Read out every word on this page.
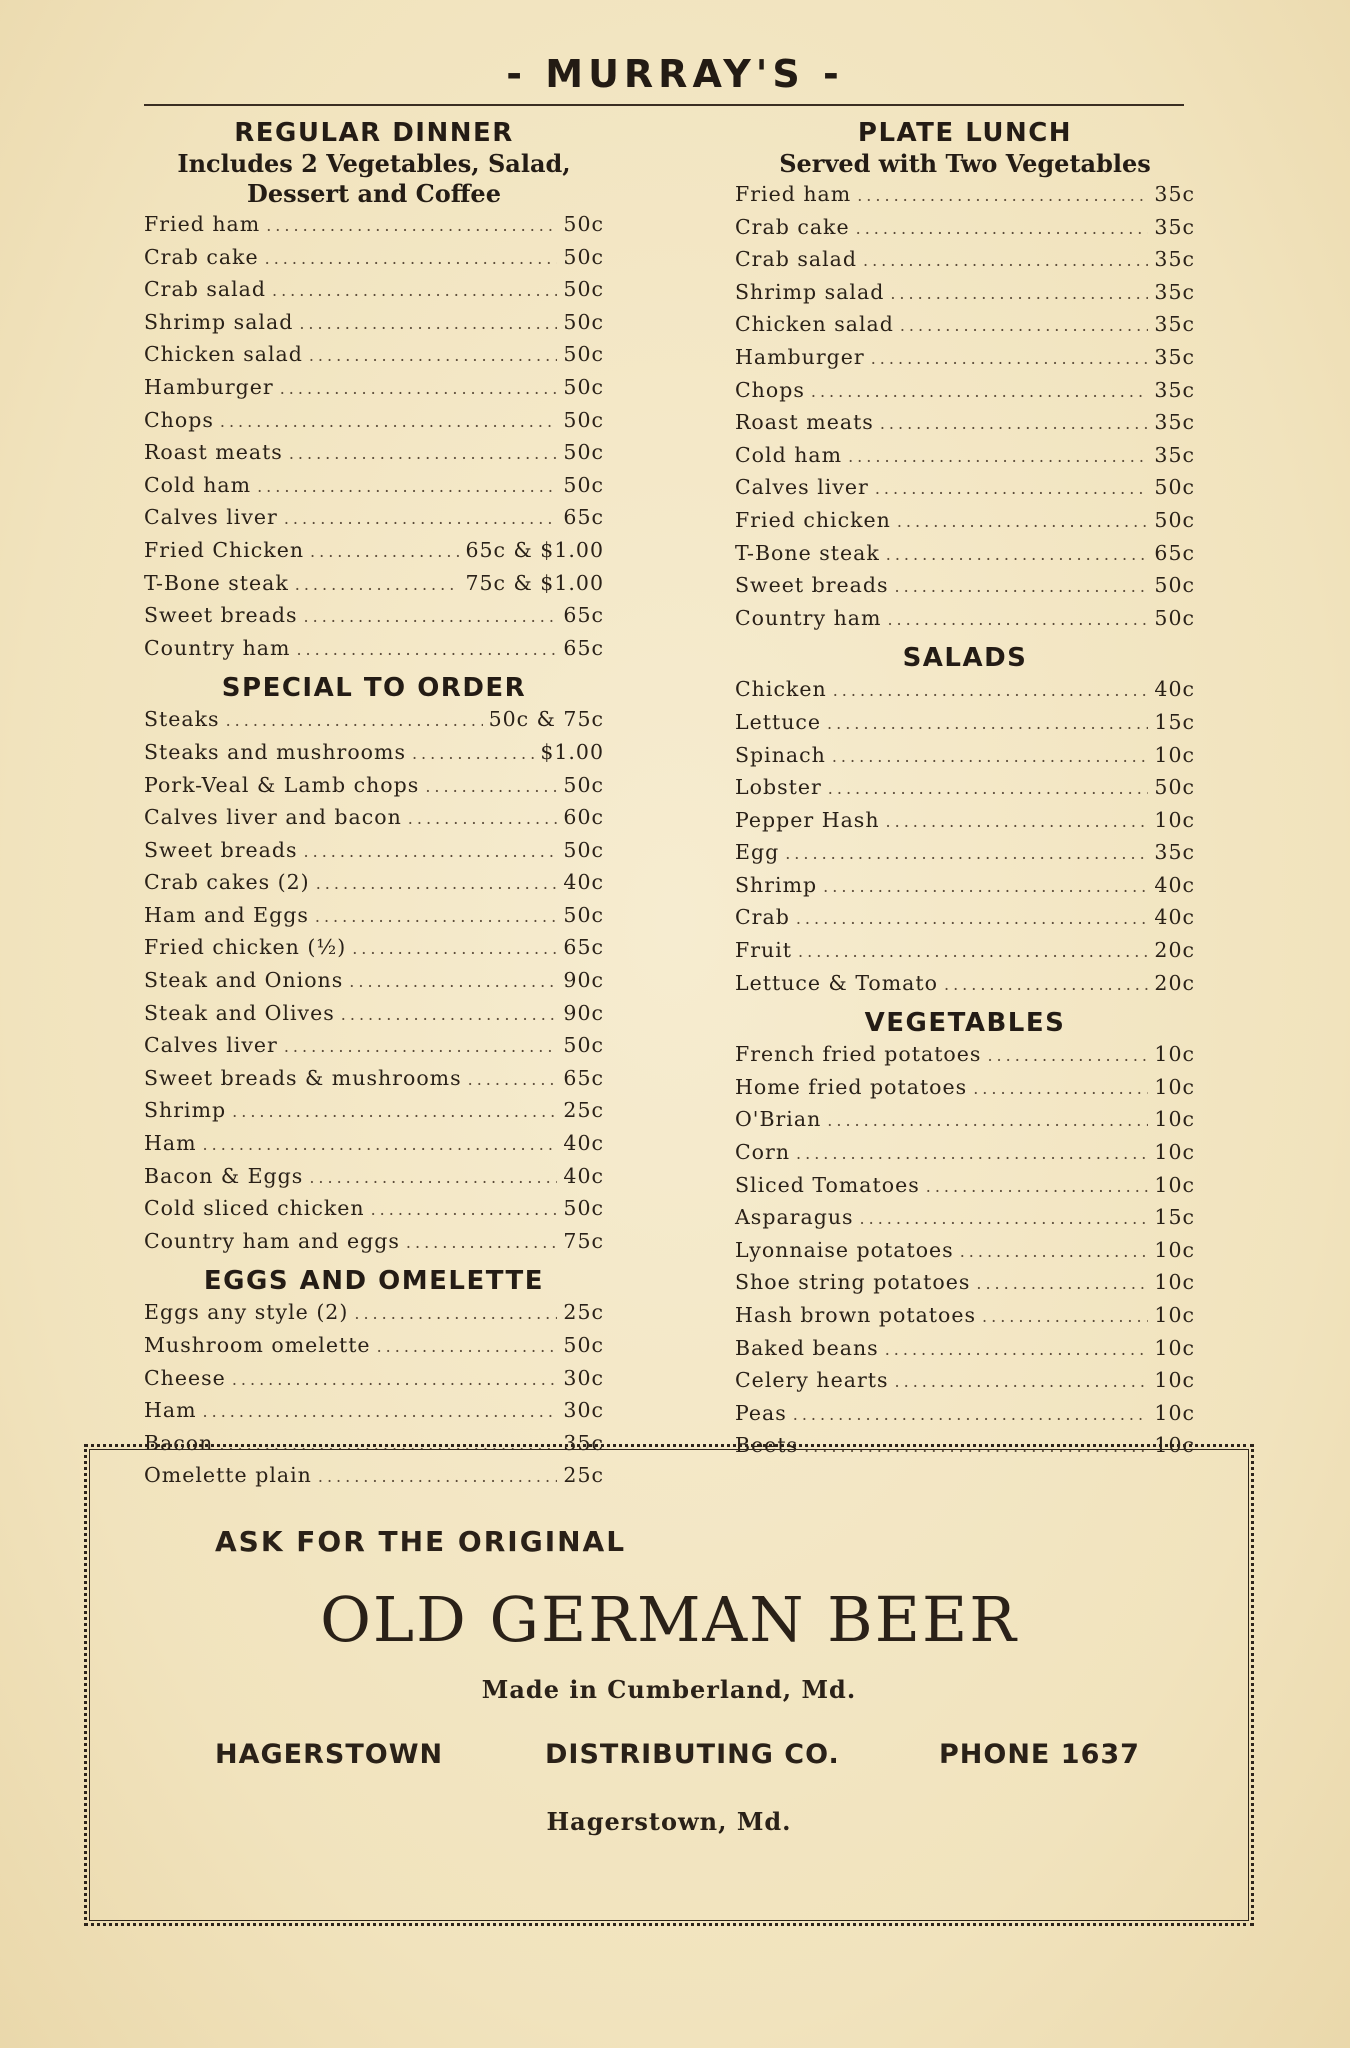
- MURRAY'S -
REGULAR DINNER
Includes 2 Vegetables, Salad,
Dessert and Coffee
Fried ham .....	50c
Crab cake .....	50c
Crab salad .....	50c
Shrimp salad .....	50c
Chicken salad .....	50c
Hamburger .....	50c
Chops .....	50c
Roast meats .....	50c
Cold ham .....	50c
Calves liver .....	65c
Fried Chicken .....	65c & $1.00
T-Bone steak .....	75c & $1.00
Sweet breads .....	65c
Country ham .....	65c
SPECIAL TO ORDER
Steaks .....	50c & 75c
Steaks and mushrooms .....	$1.00
Pork-Veal & Lamb chops .....	50c
Calves liver and bacon .....	60c
Sweet breads .....	50c
Crab cakes (2) .....	40c
Ham and Eggs .....	50c
Fried chicken (½) .....	65c
Steak and Onions .....	90c
Steak and Olives .....	90c
Calves liver .....	50c
Sweet breads & mushrooms .....	65c
Shrimp .....	25c
Ham .....	40c
Bacon & Eggs .....	40c
Cold sliced chicken .....	50c
Country ham and eggs .....	75c
EGGS AND OMELETTE
Eggs any style (2) .....	25c
Mushroom omelette .....	50c
Cheese .....	30c
Ham .....	30c
Bacon .....	35c
Omelette plain .....	25c
PLATE LUNCH
Served with Two Vegetables
Fried ham .....	35c
Crab cake .....	35c
Crab salad .....	35c
Shrimp salad .....	35c
Chicken salad .....	35c
Hamburger .....	35c
Chops .....	35c
Roast meats .....	35c
Cold ham .....	35c
Calves liver .....	50c
Fried chicken .....	50c
T-Bone steak .....	65c
Sweet breads .....	50c
Country ham .....	50c
SALADS
Chicken .....	40c
Lettuce .....	15c
Spinach .....	10c
Lobster .....	50c
Pepper Hash .....	10c
Egg .....	35c
Shrimp .....	40c
Crab .....	40c
Fruit .....	20c
Lettuce & Tomato .....	20c
VEGETABLES
French fried potatoes .....	10c
Home fried potatoes .....	10c
O'Brian .....	10c
Corn .....	10c
Sliced Tomatoes .....	10c
Asparagus .....	15c
Lyonnaise potatoes .....	10c
Shoe string potatoes .....	10c
Hash brown potatoes .....	10c
Baked beans .....	10c
Celery hearts .....	10c
Peas .....	10c
Beets .....	10c
ASK FOR THE ORIGINAL
OLD GERMAN BEER
Made in Cumberland, Md.
HAGERSTOWN	DISTRIBUTING CO.	PHONE 1637
Hagerstown, Md.
